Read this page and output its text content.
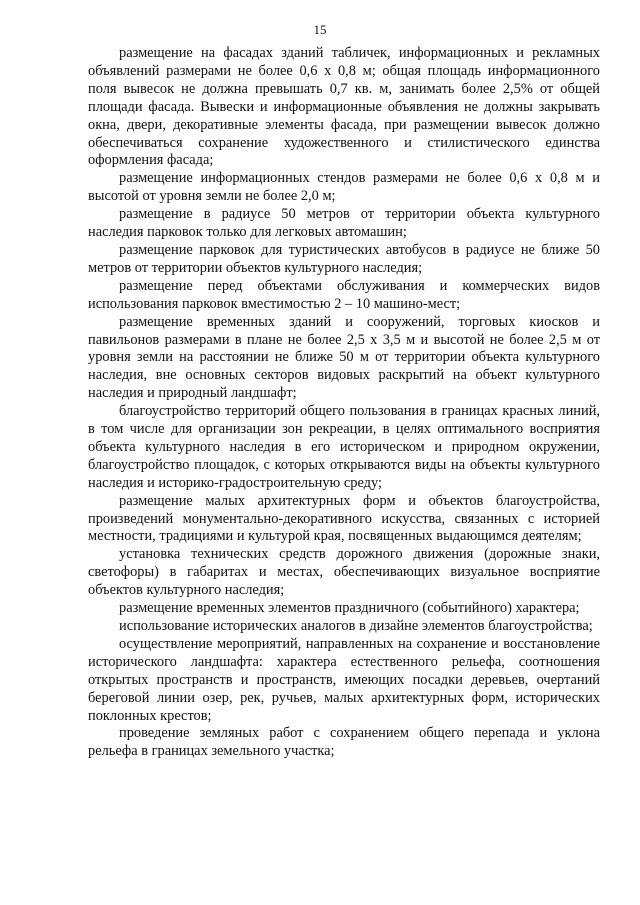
15

размещение на фасадах зданий табличек, информационных и рекламных объявлений размерами не более 0,6 х 0,8 м; общая площадь информационного поля вывесок не должна превышать 0,7 кв. м, занимать более 2,5% от общей площади фасада. Вывески и информационные объявления не должны закрывать окна, двери, декоративные элементы фасада, при размещении вывесок должно обеспечиваться сохранение художественного и стилистического единства оформления фасада;

размещение информационных стендов размерами не более 0,6 х 0,8 м и высотой от уровня земли не более 2,0 м;

размещение в радиусе 50 метров от территории объекта культурного наследия парковок только для легковых автомашин;

размещение парковок для туристических автобусов в радиусе не ближе 50 метров от территории объектов культурного наследия;

размещение перед объектами обслуживания и коммерческих видов использования парковок вместимостью 2 – 10 машино-мест;

размещение временных зданий и сооружений, торговых киосков и павильонов размерами в плане не более 2,5 х 3,5 м и высотой не более 2,5 м от уровня земли на расстоянии не ближе 50 м от территории объекта культурного наследия, вне основных секторов видовых раскрытий на объект культурного наследия и природный ландшафт;

благоустройство территорий общего пользования в границах красных линий, в том числе для организации зон рекреации, в целях оптимального восприятия объекта культурного наследия в его историческом и природном окружении, благоустройство площадок, с которых открываются виды на объекты культурного наследия и историко-градостроительную среду;

размещение малых архитектурных форм и объектов благоустройства, произведений монументально-декоративного искусства, связанных с историей местности, традициями и культурой края, посвященных выдающимся деятелям;

установка технических средств дорожного движения (дорожные знаки, светофоры) в габаритах и местах, обеспечивающих визуальное восприятие объектов культурного наследия;

размещение временных элементов праздничного (событийного) характера;

использование исторических аналогов в дизайне элементов благоустройства;

осуществление мероприятий, направленных на сохранение и восстановление исторического ландшафта: характера естественного рельефа, соотношения открытых пространств и пространств, имеющих посадки деревьев, очертаний береговой линии озер, рек, ручьев, малых архитектурных форм, исторических поклонных крестов;

проведение земляных работ с сохранением общего перепада и уклона рельефа в границах земельного участка;
